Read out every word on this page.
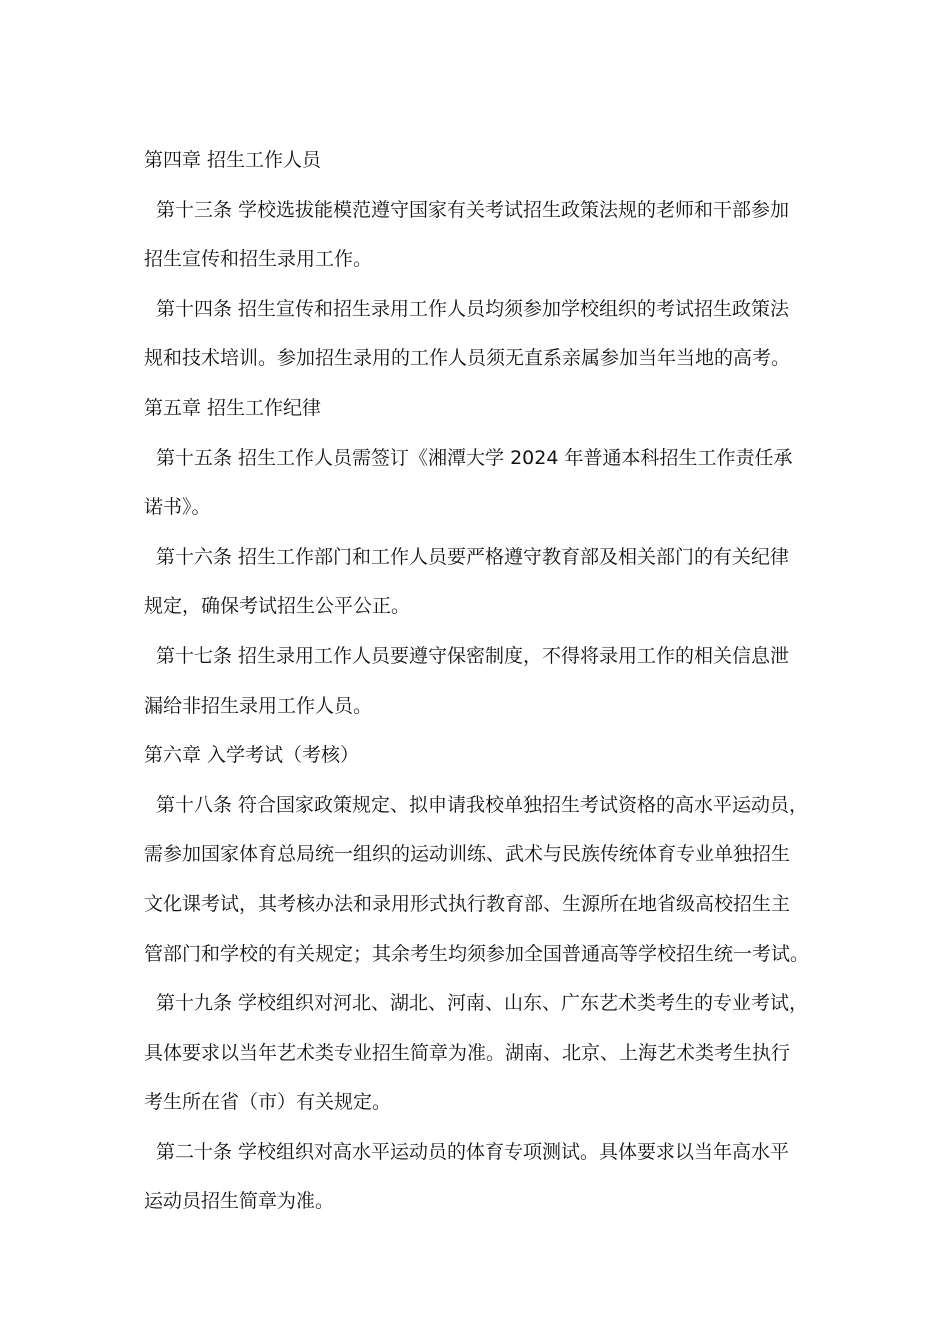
第四章 招生工作人员
第十三条 学校选拔能模范遵守国家有关考试招生政策法规的老师和干部参加
招生宣传和招生录用工作。
第十四条 招生宣传和招生录用工作人员均须参加学校组织的考试招生政策法
规和技术培训。参加招生录用的工作人员须无直系亲属参加当年当地的高考。
第五章 招生工作纪律
第十五条 招生工作人员需签订《湘潭大学 2024 年普通本科招生工作责任承
诺书》。
第十六条 招生工作部门和工作人员要严格遵守教育部及相关部门的有关纪律
规定，确保考试招生公平公正。
第十七条 招生录用工作人员要遵守保密制度，不得将录用工作的相关信息泄
漏给非招生录用工作人员。
第六章 入学考试（考核）
第十八条 符合国家政策规定、拟申请我校单独招生考试资格的高水平运动员，
需参加国家体育总局统一组织的运动训练、武术与民族传统体育专业单独招生
文化课考试，其考核办法和录用形式执行教育部、生源所在地省级高校招生主
管部门和学校的有关规定；其余考生均须参加全国普通高等学校招生统一考试。
第十九条 学校组织对河北、湖北、河南、山东、广东艺术类考生的专业考试，
具体要求以当年艺术类专业招生简章为准。湖南、北京、上海艺术类考生执行
考生所在省（市）有关规定。
第二十条 学校组织对高水平运动员的体育专项测试。具体要求以当年高水平
运动员招生简章为准。
